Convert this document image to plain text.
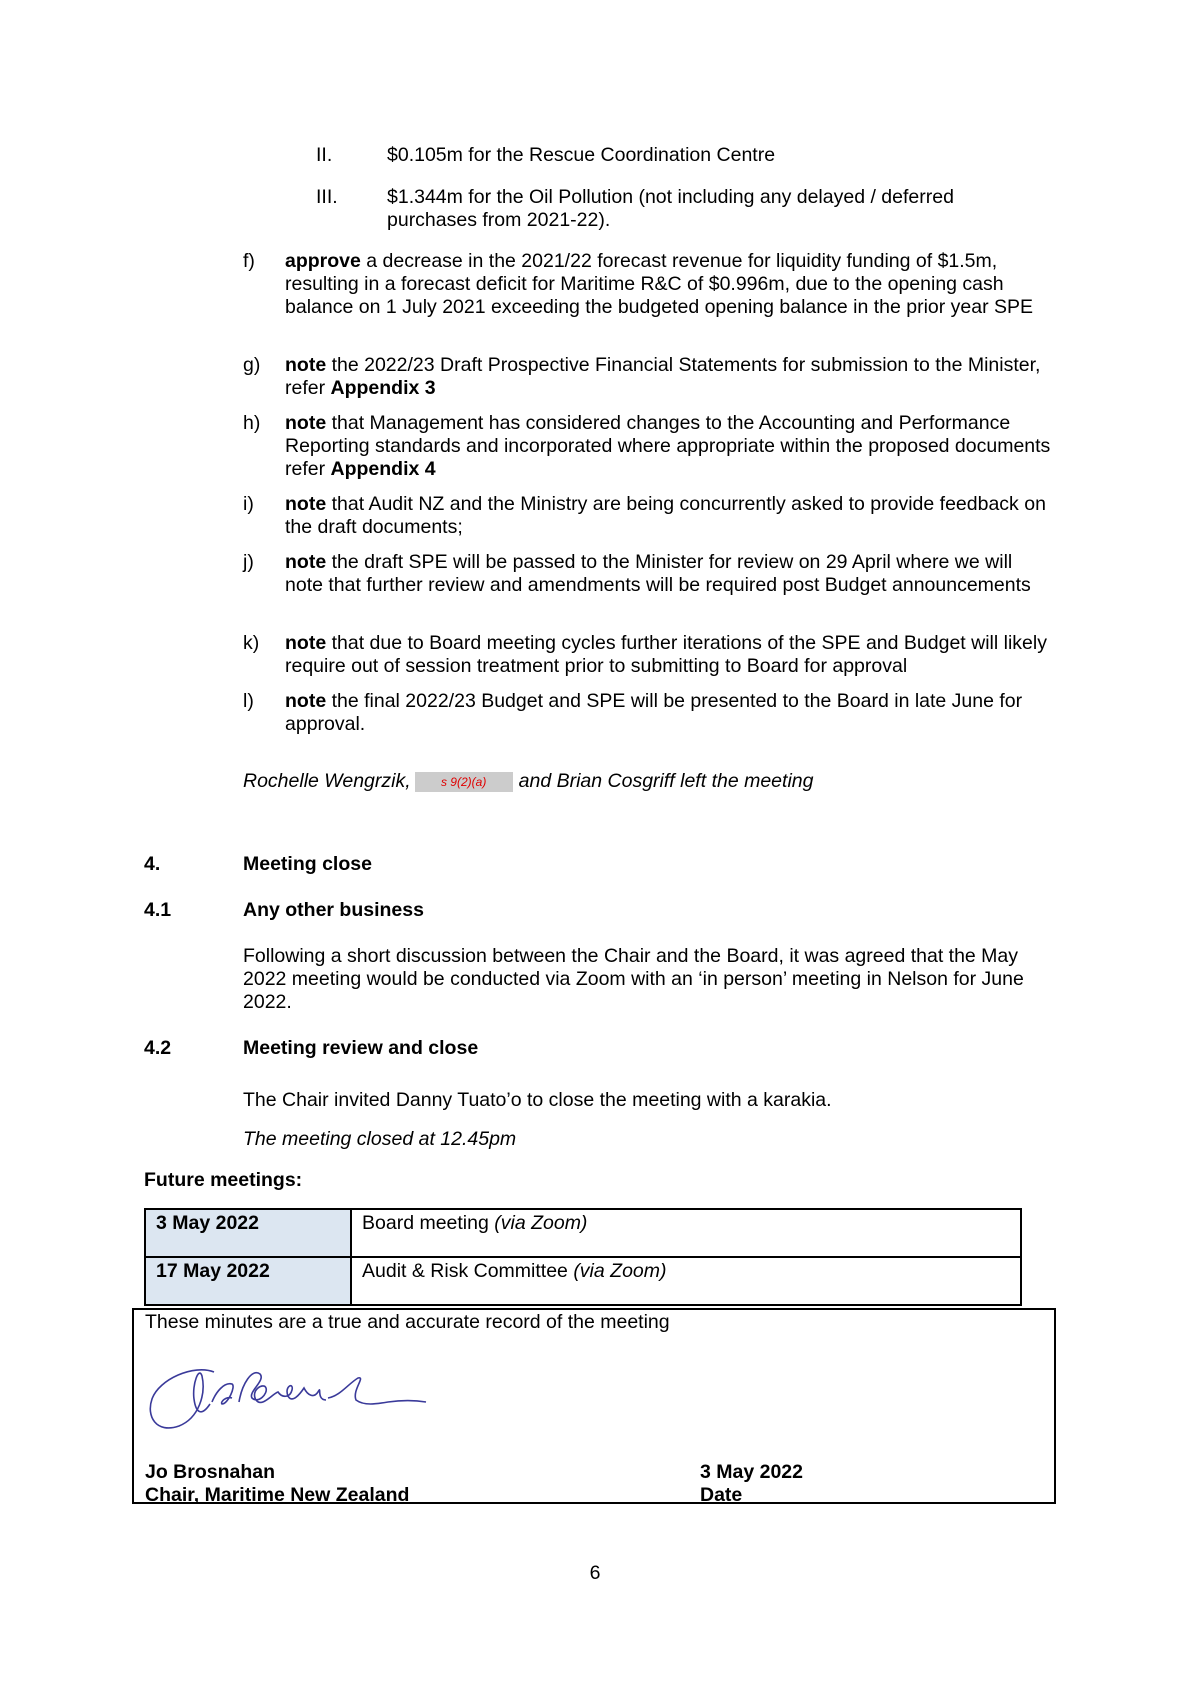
II.	$0.105m for the Rescue Coordination Centre
III.	$1.344m for the Oil Pollution (not including any delayed / deferred purchases from 2021-22).
f) approve a decrease in the 2021/22 forecast revenue for liquidity funding of $1.5m, resulting in a forecast deficit for Maritime R&C of $0.996m, due to the opening cash balance on 1 July 2021 exceeding the budgeted opening balance in the prior year SPE
g) note the 2022/23 Draft Prospective Financial Statements for submission to the Minister, refer Appendix 3
h) note that Management has considered changes to the Accounting and Performance Reporting standards and incorporated where appropriate within the proposed documents refer Appendix 4
i) note that Audit NZ and the Ministry are being concurrently asked to provide feedback on the draft documents;
j) note the draft SPE will be passed to the Minister for review on 29 April where we will note that further review and amendments will be required post Budget announcements
k) note that due to Board meeting cycles further iterations of the SPE and Budget will likely require out of session treatment prior to submitting to Board for approval
l) note the final 2022/23 Budget and SPE will be presented to the Board in late June for approval.
Rochelle Wengrzik,	s 9(2)(a) and Brian Cosgriff left the meeting
4.	Meeting close
4.1	Any other business
Following a short discussion between the Chair and the Board, it was agreed that the May 2022 meeting would be conducted via Zoom with an ‘in person’ meeting in Nelson for June 2022.
4.2	Meeting review and close
The Chair invited Danny Tuato’o to close the meeting with a karakia.
The meeting closed at 12.45pm
Future meetings:
3 May 2022	Board meeting (via Zoom)
17 May 2022	Audit & Risk Committee (via Zoom)
These minutes are a true and accurate record of the meeting
Jo Brosnahan
Chair, Maritime New Zealand
3 May 2022
Date
6
